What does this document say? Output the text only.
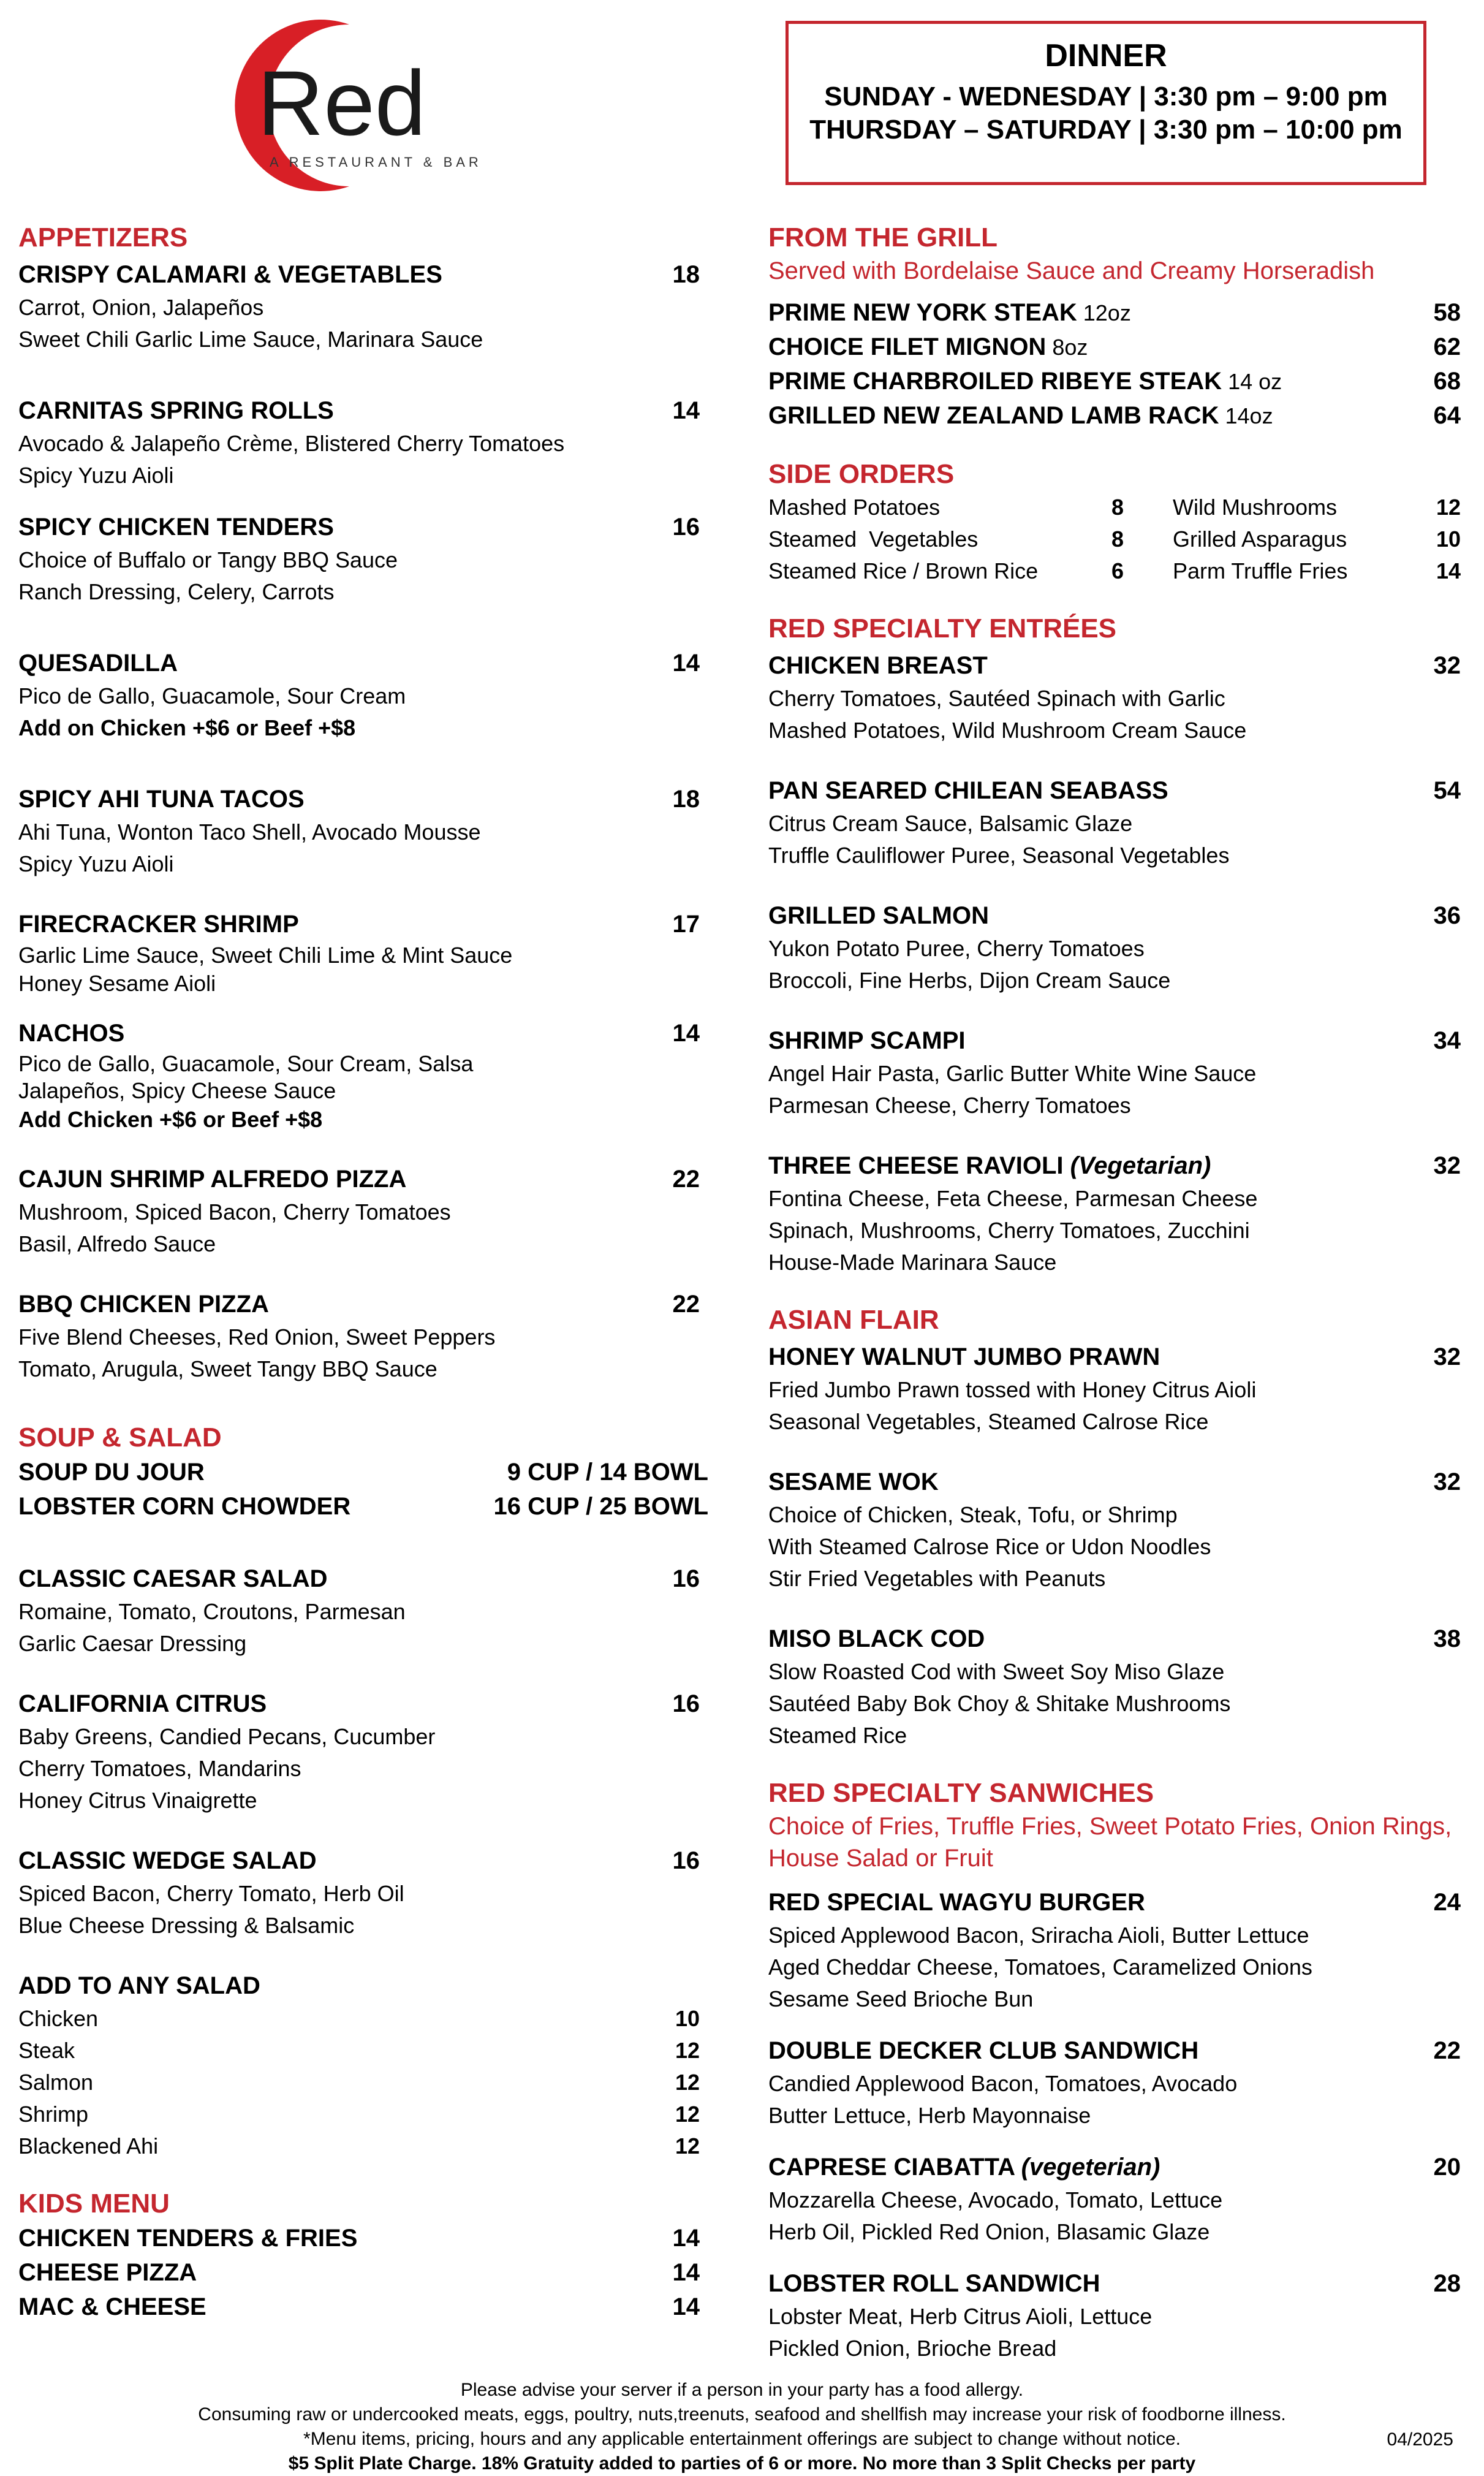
Red
A RESTAURANT & BAR
DINNER
SUNDAY - WEDNESDAY | 3:30 pm – 9:00 pm
THURSDAY – SATURDAY | 3:30 pm – 10:00 pm
APPETIZERS
CRISPY CALAMARI & VEGETABLES	18
Carrot, Onion, Jalapeños
Sweet Chili Garlic Lime Sauce, Marinara Sauce
CARNITAS SPRING ROLLS	14
Avocado & Jalapeño Crème, Blistered Cherry Tomatoes
Spicy Yuzu Aioli
SPICY CHICKEN TENDERS	16
Choice of Buffalo or Tangy BBQ Sauce
Ranch Dressing, Celery, Carrots
QUESADILLA	14
Pico de Gallo, Guacamole, Sour Cream
Add on Chicken +$6 or Beef +$8
SPICY AHI TUNA TACOS	18
Ahi Tuna, Wonton Taco Shell, Avocado Mousse
Spicy Yuzu Aioli
FIRECRACKER SHRIMP	17
Garlic Lime Sauce, Sweet Chili Lime & Mint Sauce
Honey Sesame Aioli
NACHOS	14
Pico de Gallo, Guacamole, Sour Cream, Salsa
Jalapeños, Spicy Cheese Sauce
Add Chicken +$6 or Beef +$8
CAJUN SHRIMP ALFREDO PIZZA	22
Mushroom, Spiced Bacon, Cherry Tomatoes
Basil, Alfredo Sauce
BBQ CHICKEN PIZZA	22
Five Blend Cheeses, Red Onion, Sweet Peppers
Tomato, Arugula, Sweet Tangy BBQ Sauce
SOUP & SALAD
SOUP DU JOUR	9 CUP / 14 BOWL
LOBSTER CORN CHOWDER	16 CUP / 25 BOWL
CLASSIC CAESAR SALAD	16
Romaine, Tomato, Croutons, Parmesan
Garlic Caesar Dressing
CALIFORNIA CITRUS	16
Baby Greens, Candied Pecans, Cucumber
Cherry Tomatoes, Mandarins
Honey Citrus Vinaigrette
CLASSIC WEDGE SALAD	16
Spiced Bacon, Cherry Tomato, Herb Oil
Blue Cheese Dressing & Balsamic
ADD TO ANY SALAD
Chicken	10
Steak	12
Salmon	12
Shrimp	12
Blackened Ahi	12
KIDS MENU
CHICKEN TENDERS & FRIES	14
CHEESE PIZZA	14
MAC & CHEESE	14
FROM THE GRILL
Served with Bordelaise Sauce and Creamy Horseradish
PRIME NEW YORK STEAK 12oz	58
CHOICE FILET MIGNON 8oz	62
PRIME CHARBROILED RIBEYE STEAK 14 oz	68
GRILLED NEW ZEALAND LAMB RACK 14oz	64
SIDE ORDERS
Mashed Potatoes	8 Wild Mushrooms	12
Steamed  Vegetables	8 Grilled Asparagus	10
Steamed Rice / Brown Rice	6 Parm Truffle Fries	14
RED SPECIALTY ENTRÉES
CHICKEN BREAST	32
Cherry Tomatoes, Sautéed Spinach with Garlic
Mashed Potatoes, Wild Mushroom Cream Sauce
PAN SEARED CHILEAN SEABASS	54
Citrus Cream Sauce, Balsamic Glaze
Truffle Cauliflower Puree, Seasonal Vegetables
GRILLED SALMON	36
Yukon Potato Puree, Cherry Tomatoes
Broccoli, Fine Herbs, Dijon Cream Sauce
SHRIMP SCAMPI	34
Angel Hair Pasta, Garlic Butter White Wine Sauce
Parmesan Cheese, Cherry Tomatoes
THREE CHEESE RAVIOLI (Vegetarian)	32
Fontina Cheese, Feta Cheese, Parmesan Cheese
Spinach, Mushrooms, Cherry Tomatoes, Zucchini
House-Made Marinara Sauce
ASIAN FLAIR
HONEY WALNUT JUMBO PRAWN	32
Fried Jumbo Prawn tossed with Honey Citrus Aioli
Seasonal Vegetables, Steamed Calrose Rice
SESAME WOK	32
Choice of Chicken, Steak, Tofu, or Shrimp
With Steamed Calrose Rice or Udon Noodles
Stir Fried Vegetables with Peanuts
MISO BLACK COD	38
Slow Roasted Cod with Sweet Soy Miso Glaze
Sautéed Baby Bok Choy & Shitake Mushrooms
Steamed Rice
RED SPECIALTY SANWICHES
Choice of Fries, Truffle Fries, Sweet Potato Fries, Onion Rings,
House Salad or Fruit
RED SPECIAL WAGYU BURGER	24
Spiced Applewood Bacon, Sriracha Aioli, Butter Lettuce
Aged Cheddar Cheese, Tomatoes, Caramelized Onions
Sesame Seed Brioche Bun
DOUBLE DECKER CLUB SANDWICH	22
Candied Applewood Bacon, Tomatoes, Avocado
Butter Lettuce, Herb Mayonnaise
CAPRESE CIABATTA (vegeterian)	20
Mozzarella Cheese, Avocado, Tomato, Lettuce
Herb Oil, Pickled Red Onion, Blasamic Glaze
LOBSTER ROLL SANDWICH	28
Lobster Meat, Herb Citrus Aioli, Lettuce
Pickled Onion, Brioche Bread
Please advise your server if a person in your party has a food allergy.
Consuming raw or undercooked meats, eggs, poultry, nuts,treenuts, seafood and shellfish may increase your risk of foodborne illness.
*Menu items, pricing, hours and any applicable entertainment offerings are subject to change without notice.
$5 Split Plate Charge. 18% Gratuity added to parties of 6 or more. No more than 3 Split Checks per party
04/2025
